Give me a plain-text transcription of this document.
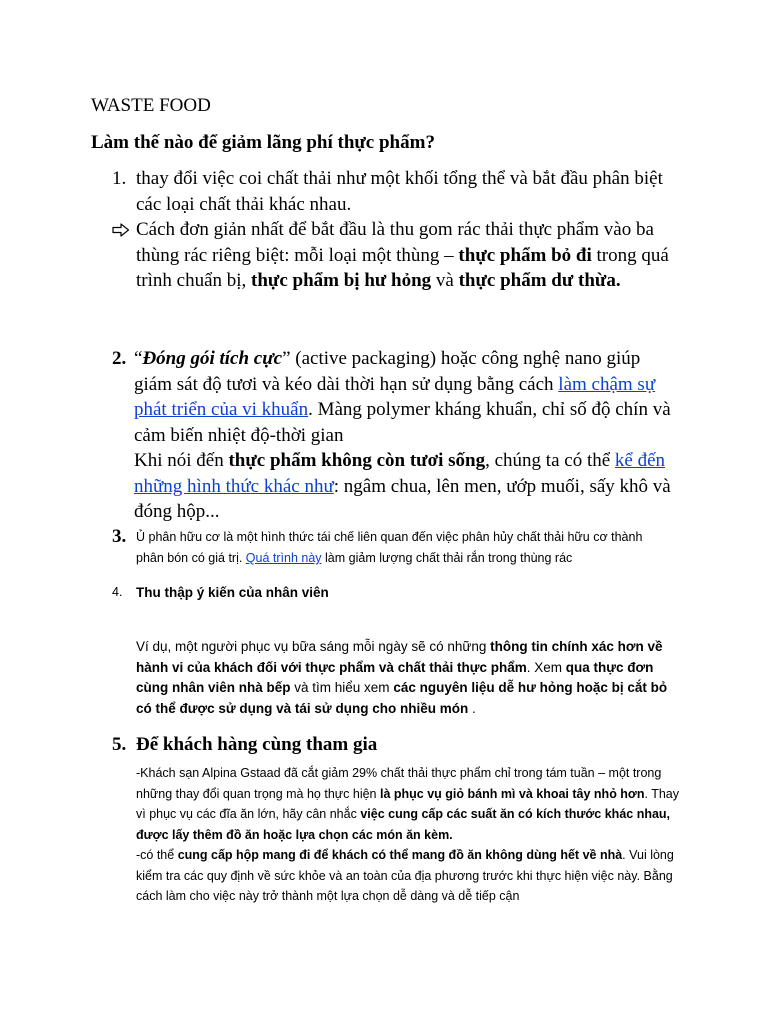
WASTE FOOD
Làm thế nào để giảm lãng phí thực phẩm?
1. thay đổi việc coi chất thải như một khối tổng thể và bắt đầu phân biệt các loại chất thải khác nhau.
Cách đơn giản nhất để bắt đầu là thu gom rác thải thực phẩm vào ba thùng rác riêng biệt: mỗi loại một thùng – thực phẩm bỏ đi trong quá trình chuẩn bị, thực phẩm bị hư hỏng và thực phẩm dư thừa.
2. “Đóng gói tích cực” (active packaging) hoặc công nghệ nano giúp giám sát độ tươi và kéo dài thời hạn sử dụng bằng cách làm chậm sự phát triển của vi khuẩn. Màng polymer kháng khuẩn, chỉ số độ chín và cảm biến nhiệt độ-thời gian
Khi nói đến thực phẩm không còn tươi sống, chúng ta có thể kể đến những hình thức khác như: ngâm chua, lên men, ướp muối, sấy khô và đóng hộp...
3. Ủ phân hữu cơ là một hình thức tái chế liên quan đến việc phân hủy chất thải hữu cơ thành phân bón có giá trị. Quá trình này làm giảm lượng chất thải rắn trong thùng rác
4.	Thu thập ý kiến của nhân viên
Ví dụ, một người phục vụ bữa sáng mỗi ngày sẽ có những thông tin chính xác hơn về hành vi của khách đối với thực phẩm và chất thải thực phẩm. Xem qua thực đơn cùng nhân viên nhà bếp và tìm hiểu xem các nguyên liệu dễ hư hỏng hoặc bị cắt bỏ có thể được sử dụng và tái sử dụng cho nhiều món .
5. Để khách hàng cùng tham gia
-Khách sạn Alpina Gstaad đã cắt giảm 29% chất thải thực phẩm chỉ trong tám tuần – một trong những thay đổi quan trọng mà họ thực hiện là phục vụ giỏ bánh mì và khoai tây nhỏ hơn. Thay vì phục vụ các đĩa ăn lớn, hãy cân nhắc việc cung cấp các suất ăn có kích thước khác nhau, được lấy thêm đồ ăn hoặc lựa chọn các món ăn kèm.
-có thể cung cấp hộp mang đi để khách có thể mang đồ ăn không dùng hết về nhà. Vui lòng kiểm tra các quy định về sức khỏe và an toàn của địa phương trước khi thực hiện việc này. Bằng cách làm cho việc này trở thành một lựa chọn dễ dàng và dễ tiếp cận
